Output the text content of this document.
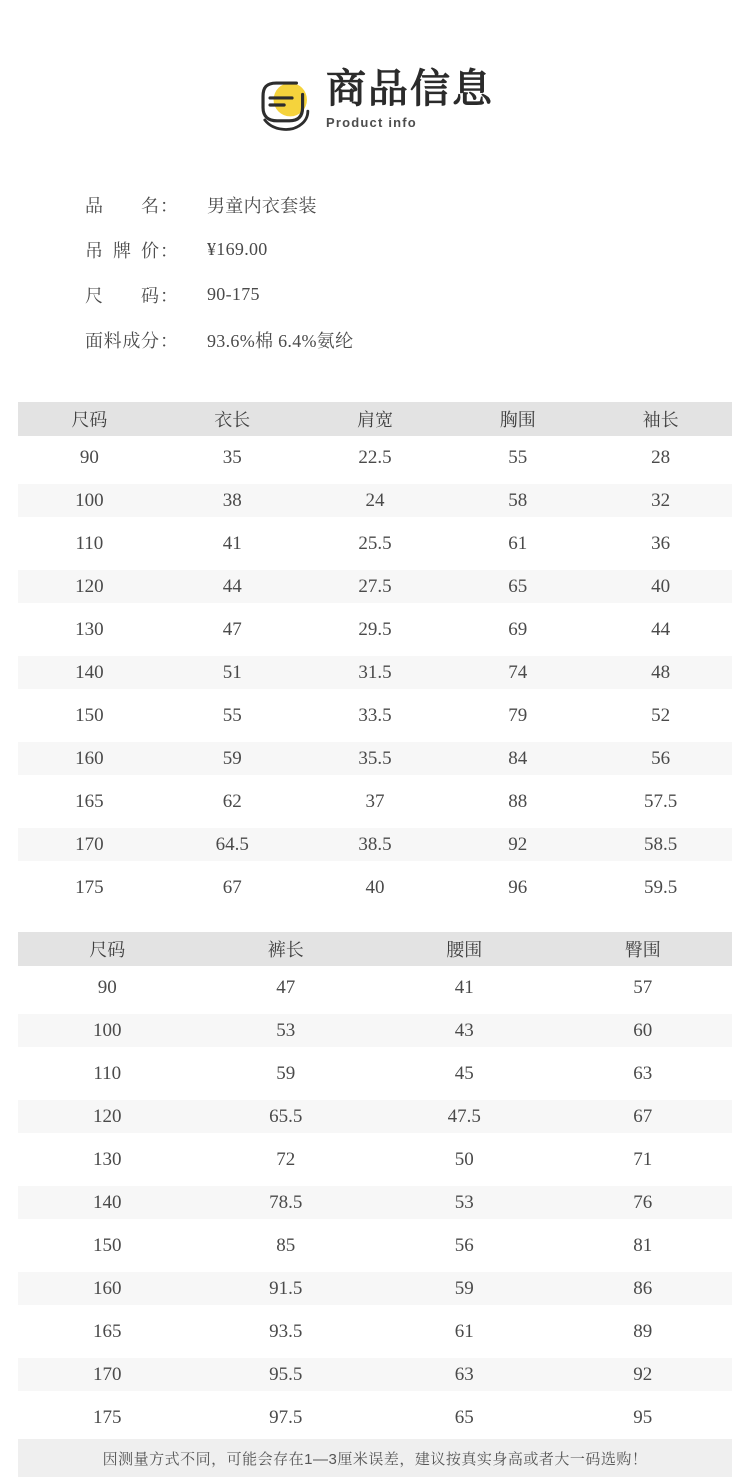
商品信息
Product info
品名 ： 男童内衣套装
吊牌价 ： ¥169.00
尺码 ： 90-175
面料成分 ： 93.6%棉 6.4%氨纶
尺码	衣长	肩宽	胸围	袖长
90	35	22.5	55	28
100	38	24	58	32
110	41	25.5	61	36
120	44	27.5	65	40
130	47	29.5	69	44
140	51	31.5	74	48
150	55	33.5	79	52
160	59	35.5	84	56
165	62	37	88	57.5
170	64.5	38.5	92	58.5
175	67	40	96	59.5
尺码	裤长	腰围	臀围
90	47	41	57
100	53	43	60
110	59	45	63
120	65.5	47.5	67
130	72	50	71
140	78.5	53	76
150	85	56	81
160	91.5	59	86
165	93.5	61	89
170	95.5	63	92
175	97.5	65	95
因测量方式不同，可能会存在1—3厘米误差，建议按真实身高或者大一码选购！
